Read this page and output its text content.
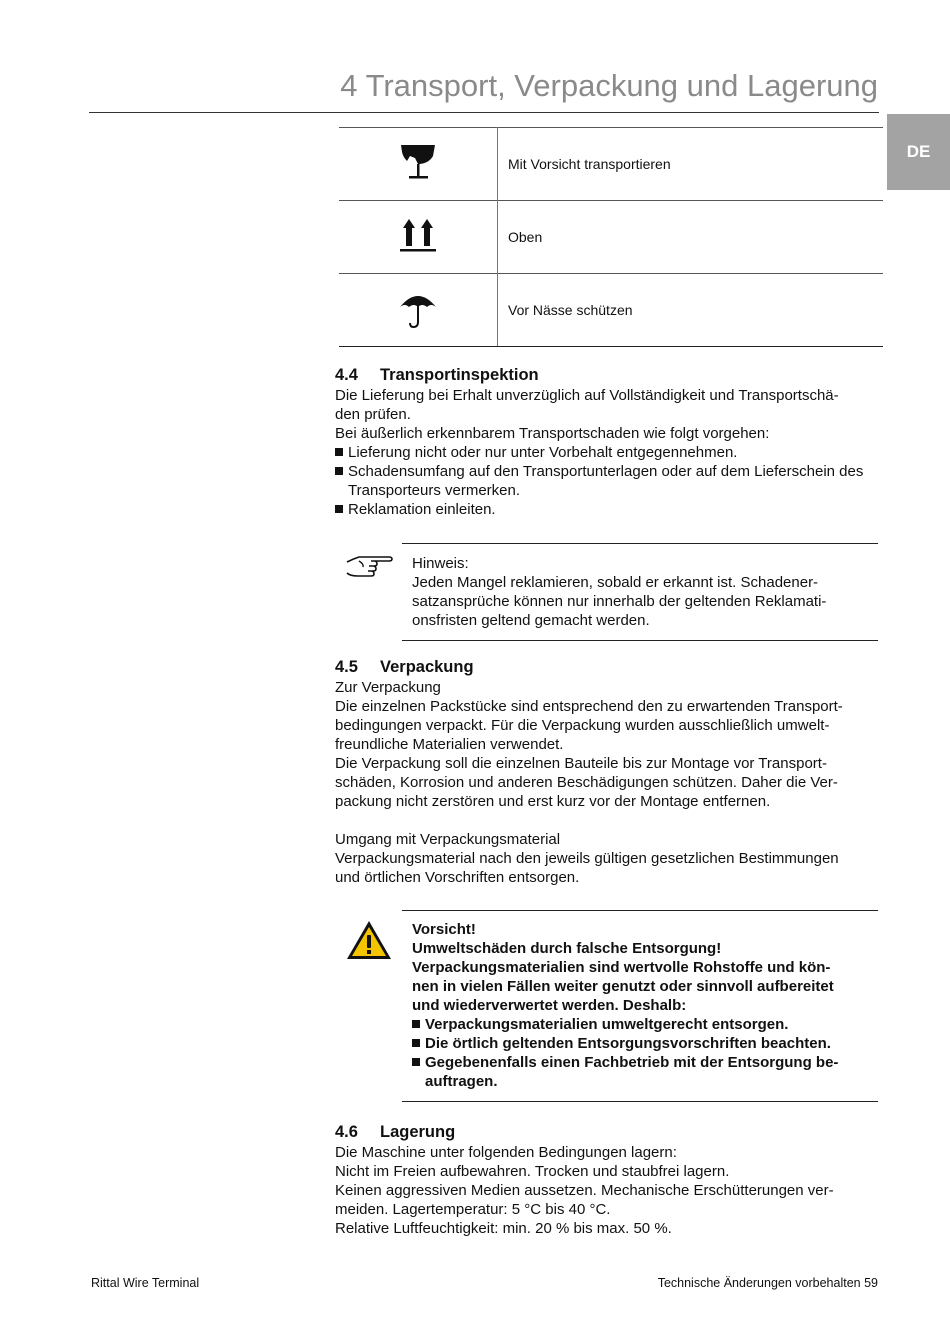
4 Transport, Verpackung und Lagerung
DE
	Mit Vorsicht transportieren
	Oben
	Vor Nässe schützen
4.4 Transportinspektion
Die Lieferung bei Erhalt unverzüglich auf Vollständigkeit und Transportschä-
den prüfen.
Bei äußerlich erkennbarem Transportschaden wie folgt vorgehen:
Lieferung nicht oder nur unter Vorbehalt entgegennehmen.
Schadensumfang auf den Transportunterlagen oder auf dem Lieferschein des Transporteurs vermerken.
Reklamation einleiten.
Hinweis:
Jeden Mangel reklamieren, sobald er erkannt ist. Schadener-
satzansprüche können nur innerhalb der geltenden Reklamati-
onsfristen geltend gemacht werden.
4.5 Verpackung
Zur Verpackung
Die einzelnen Packstücke sind entsprechend den zu erwartenden Transport-
bedingungen verpackt. Für die Verpackung wurden ausschließlich umwelt-
freundliche Materialien verwendet.
Die Verpackung soll die einzelnen Bauteile bis zur Montage vor Transport-
schäden, Korrosion und anderen Beschädigungen schützen. Daher die Ver-
packung nicht zerstören und erst kurz vor der Montage entfernen.
Umgang mit Verpackungsmaterial
Verpackungsmaterial nach den jeweils gültigen gesetzlichen Bestimmungen
und örtlichen Vorschriften entsorgen.
Vorsicht!
Umweltschäden durch falsche Entsorgung!
Verpackungsmaterialien sind wertvolle Rohstoffe und kön-
nen in vielen Fällen weiter genutzt oder sinnvoll aufbereitet
und wiederverwertet werden. Deshalb:
Verpackungsmaterialien umweltgerecht entsorgen.
Die örtlich geltenden Entsorgungsvorschriften beachten.
Gegebenenfalls einen Fachbetrieb mit der Entsorgung be- auftragen.
4.6 Lagerung
Die Maschine unter folgenden Bedingungen lagern:
Nicht im Freien aufbewahren. Trocken und staubfrei lagern.
Keinen aggressiven Medien aussetzen. Mechanische Erschütterungen ver-
meiden. Lagertemperatur: 5 °C bis 40 °C.
Relative Luftfeuchtigkeit: min. 20 % bis max. 50 %.
Rittal Wire Terminal	Technische Änderungen vorbehalten 59
